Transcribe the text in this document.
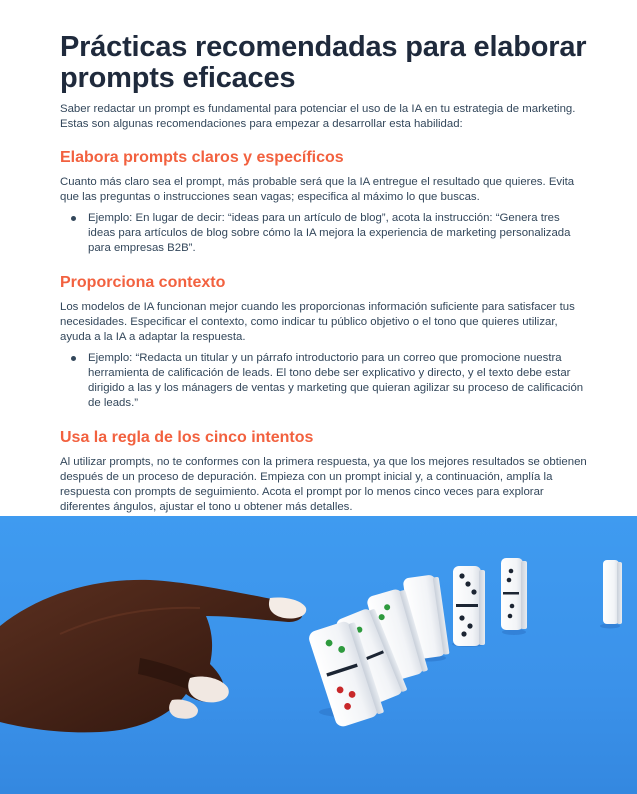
Prácticas recomendadas para elaborar prompts eficaces

Saber redactar un prompt es fundamental para potenciar el uso de la IA en tu estrategia de marketing. Estas son algunas recomendaciones para empezar a desarrollar esta habilidad:

Elabora prompts claros y específicos

Cuanto más claro sea el prompt, más probable será que la IA entregue el resultado que quieres. Evita que las preguntas o instrucciones sean vagas; especifica al máximo lo que buscas.

Ejemplo: En lugar de decir: “ideas para un artículo de blog”, acota la instrucción: “Genera tres ideas para artículos de blog sobre cómo la IA mejora la experiencia de marketing personalizada para empresas B2B”.
Proporciona contexto

Los modelos de IA funcionan mejor cuando les proporcionas información suficiente para satisfacer tus necesidades. Especificar el contexto, como indicar tu público objetivo o el tono que quieres utilizar, ayuda a la IA a adaptar la respuesta.

Ejemplo: “Redacta un titular y un párrafo introductorio para un correo que promocione nuestra herramienta de calificación de leads. El tono debe ser explicativo y directo, y el texto debe estar dirigido a las y los mánagers de ventas y marketing que quieran agilizar su proceso de calificación de leads.”
Usa la regla de los cinco intentos

Al utilizar prompts, no te conformes con la primera respuesta, ya que los mejores resultados se obtienen después de un proceso de depuración. Empieza con un prompt inicial y, a continuación, amplía la respuesta con prompts de seguimiento. Acota el prompt por lo menos cinco veces para explorar diferentes ángulos, ajustar el tono u obtener más detalles.
